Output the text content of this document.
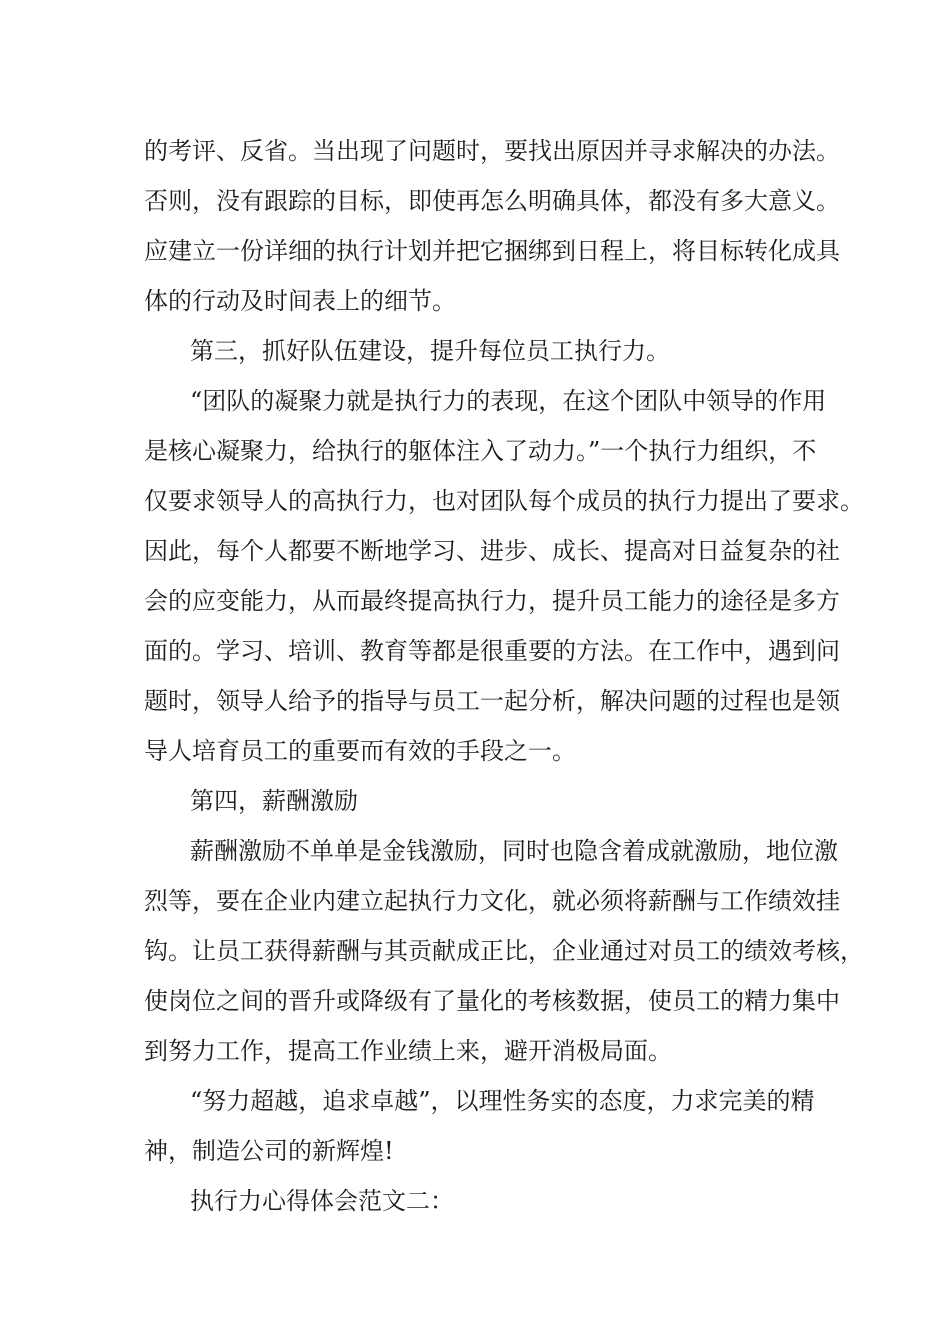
的考评、反省。当出现了问题时，要找出原因并寻求解决的办法。
否则，没有跟踪的目标，即使再怎么明确具体，都没有多大意义。
应建立一份详细的执行计划并把它捆绑到日程上，将目标转化成具
体的行动及时间表上的细节。
第三，抓好队伍建设，提升每位员工执行力。
“团队的凝聚力就是执行力的表现，在这个团队中领导的作用
是核心凝聚力，给执行的躯体注入了动力。”一个执行力组织，不
仅要求领导人的高执行力，也对团队每个成员的执行力提出了要求。
因此，每个人都要不断地学习、进步、成长、提高对日益复杂的社
会的应变能力，从而最终提高执行力，提升员工能力的途径是多方
面的。学习、培训、教育等都是很重要的方法。在工作中，遇到问
题时，领导人给予的指导与员工一起分析，解决问题的过程也是领
导人培育员工的重要而有效的手段之一。
第四，薪酬激励
薪酬激励不单单是金钱激励，同时也隐含着成就激励，地位激
烈等，要在企业内建立起执行力文化，就必须将薪酬与工作绩效挂
钩。让员工获得薪酬与其贡献成正比，企业通过对员工的绩效考核，
使岗位之间的晋升或降级有了量化的考核数据，使员工的精力集中
到努力工作，提高工作业绩上来，避开消极局面。
“努力超越，追求卓越”，以理性务实的态度，力求完美的精
神，制造公司的新辉煌!
执行力心得体会范文二：
